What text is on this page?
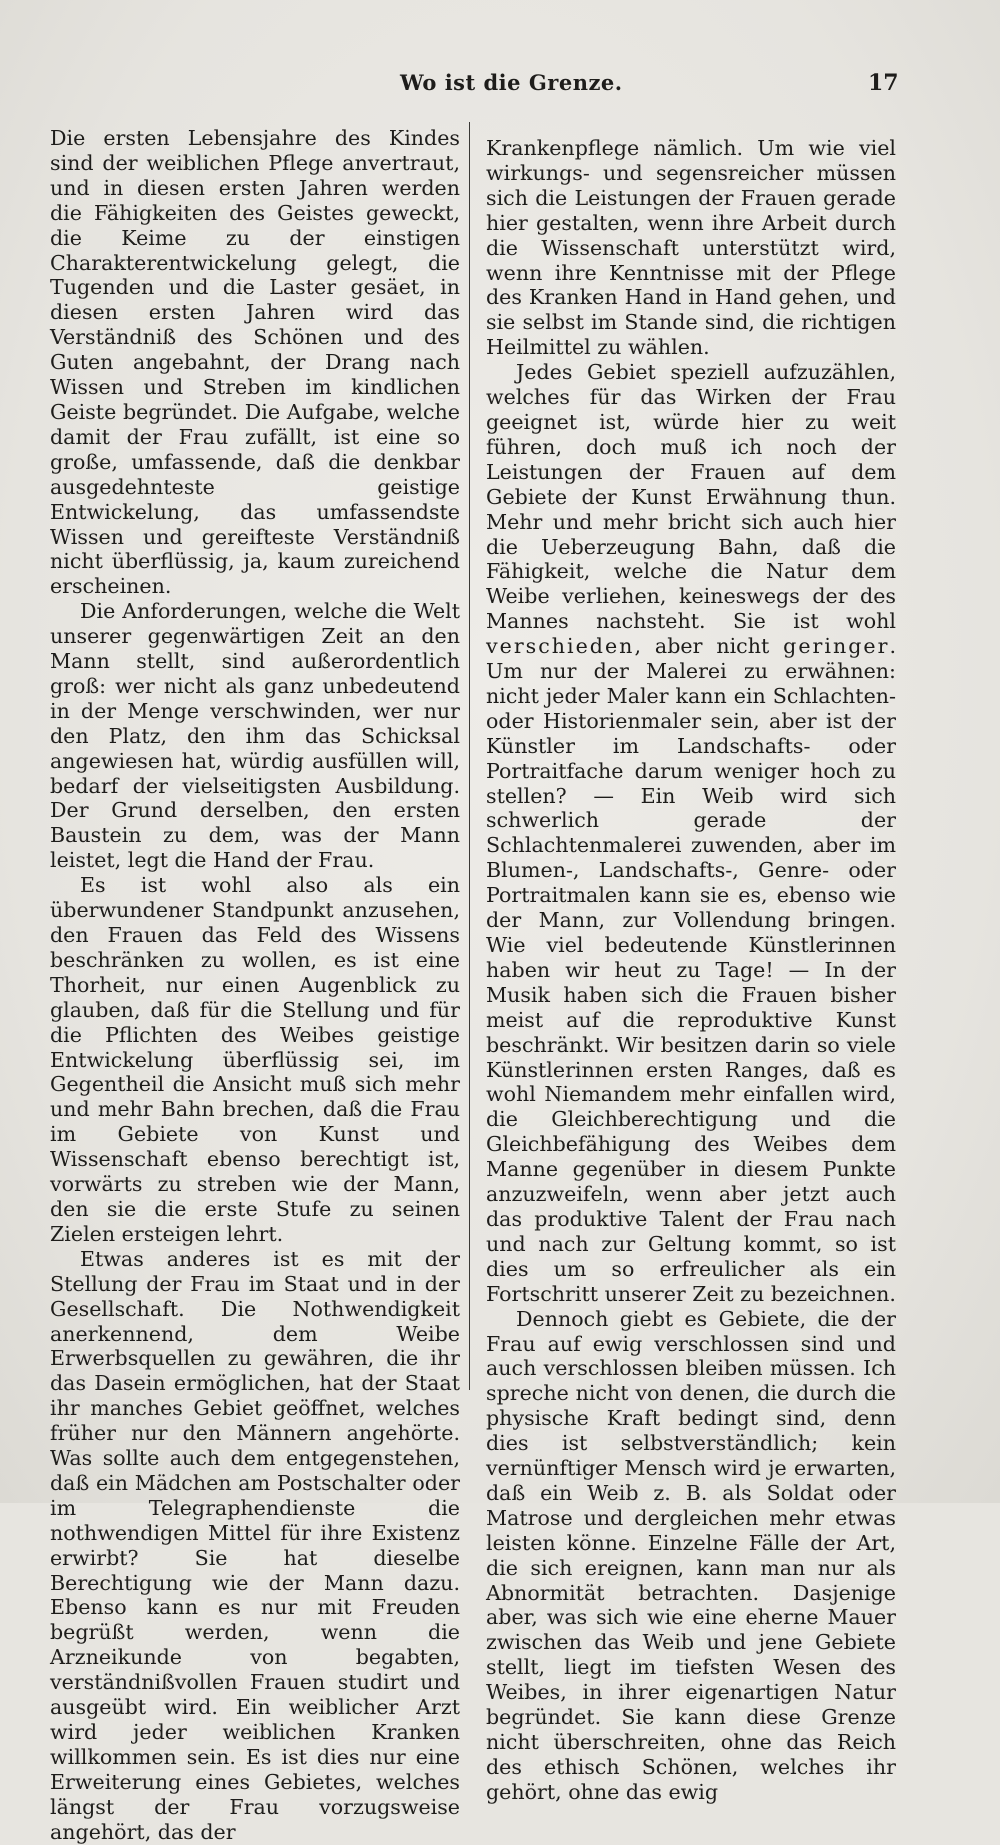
Wo ist die Grenze.	17

Die ersten Lebensjahre des Kindes sind der weiblichen Pflege anvertraut, und in diesen ersten Jahren werden die Fähigkeiten des Geistes geweckt, die Keime zu der einstigen Charakterentwickelung gelegt, die Tugenden und die Laster gesäet, in diesen ersten Jahren wird das Verständniß des Schönen und des Guten angebahnt, der Drang nach Wissen und Streben im kindlichen Geiste begründet. Die Aufgabe, welche damit der Frau zufällt, ist eine so große, umfassende, daß die denkbar ausgedehnteste geistige Entwickelung, das umfassendste Wissen und gereifteste Verständniß nicht überflüssig, ja, kaum zureichend erscheinen.

Die Anforderungen, welche die Welt unserer gegenwärtigen Zeit an den Mann stellt, sind außerordentlich groß: wer nicht als ganz unbedeutend in der Menge verschwinden, wer nur den Platz, den ihm das Schicksal angewiesen hat, würdig ausfüllen will, bedarf der vielseitigsten Ausbildung. Der Grund derselben, den ersten Baustein zu dem, was der Mann leistet, legt die Hand der Frau.

Es ist wohl also als ein überwundener Standpunkt anzusehen, den Frauen das Feld des Wissens beschränken zu wollen, es ist eine Thorheit, nur einen Augenblick zu glauben, daß für die Stellung und für die Pflichten des Weibes geistige Entwickelung überflüssig sei, im Gegentheil die Ansicht muß sich mehr und mehr Bahn brechen, daß die Frau im Gebiete von Kunst und Wissenschaft ebenso berechtigt ist, vorwärts zu streben wie der Mann, den sie die erste Stufe zu seinen Zielen ersteigen lehrt.

Etwas anderes ist es mit der Stellung der Frau im Staat und in der Gesellschaft. Die Nothwendigkeit anerkennend, dem Weibe Erwerbsquellen zu gewähren, die ihr das Dasein ermöglichen, hat der Staat ihr manches Gebiet geöffnet, welches früher nur den Männern angehörte. Was sollte auch dem entgegenstehen, daß ein Mädchen am Postschalter oder im Telegraphendienste die nothwendigen Mittel für ihre Existenz erwirbt? Sie hat dieselbe Berechtigung wie der Mann dazu. Ebenso kann es nur mit Freuden begrüßt werden, wenn die Arzneikunde von begabten, verständnißvollen Frauen studirt und ausgeübt wird. Ein weiblicher Arzt wird jeder weiblichen Kranken willkommen sein. Es ist dies nur eine Erweiterung eines Gebietes, welches längst der Frau vorzugsweise angehört, das der

Krankenpflege nämlich. Um wie viel wirkungs- und segensreicher müssen sich die Leistungen der Frauen gerade hier gestalten, wenn ihre Arbeit durch die Wissenschaft unterstützt wird, wenn ihre Kenntnisse mit der Pflege des Kranken Hand in Hand gehen, und sie selbst im Stande sind, die richtigen Heilmittel zu wählen.

Jedes Gebiet speziell aufzuzählen, welches für das Wirken der Frau geeignet ist, würde hier zu weit führen, doch muß ich noch der Leistungen der Frauen auf dem Gebiete der Kunst Erwähnung thun. Mehr und mehr bricht sich auch hier die Ueberzeugung Bahn, daß die Fähigkeit, welche die Natur dem Weibe verliehen, keineswegs der des Mannes nachsteht. Sie ist wohl verschieden, aber nicht geringer. Um nur der Malerei zu erwähnen: nicht jeder Maler kann ein Schlachten- oder Historienmaler sein, aber ist der Künstler im Landschafts- oder Portraitfache darum weniger hoch zu stellen? — Ein Weib wird sich schwerlich gerade der Schlachtenmalerei zuwenden, aber im Blumen-, Landschafts-, Genre- oder Portraitmalen kann sie es, ebenso wie der Mann, zur Vollendung bringen. Wie viel bedeutende Künstlerinnen haben wir heut zu Tage! — In der Musik haben sich die Frauen bisher meist auf die reproduktive Kunst beschränkt. Wir besitzen darin so viele Künstlerinnen ersten Ranges, daß es wohl Niemandem mehr einfallen wird, die Gleichberechtigung und die Gleichbefähigung des Weibes dem Manne gegenüber in diesem Punkte anzuzweifeln, wenn aber jetzt auch das produktive Talent der Frau nach und nach zur Geltung kommt, so ist dies um so erfreulicher als ein Fortschritt unserer Zeit zu bezeichnen.

Dennoch giebt es Gebiete, die der Frau auf ewig verschlossen sind und auch verschlossen bleiben müssen. Ich spreche nicht von denen, die durch die physische Kraft bedingt sind, denn dies ist selbstverständlich; kein vernünftiger Mensch wird je erwarten, daß ein Weib z. B. als Soldat oder Matrose und dergleichen mehr etwas leisten könne. Einzelne Fälle der Art, die sich ereignen, kann man nur als Abnormität betrachten. Dasjenige aber, was sich wie eine eherne Mauer zwischen das Weib und jene Gebiete stellt, liegt im tiefsten Wesen des Weibes, in ihrer eigenartigen Natur begründet. Sie kann diese Grenze nicht überschreiten, ohne das Reich des ethisch Schönen, welches ihr gehört, ohne das ewig
